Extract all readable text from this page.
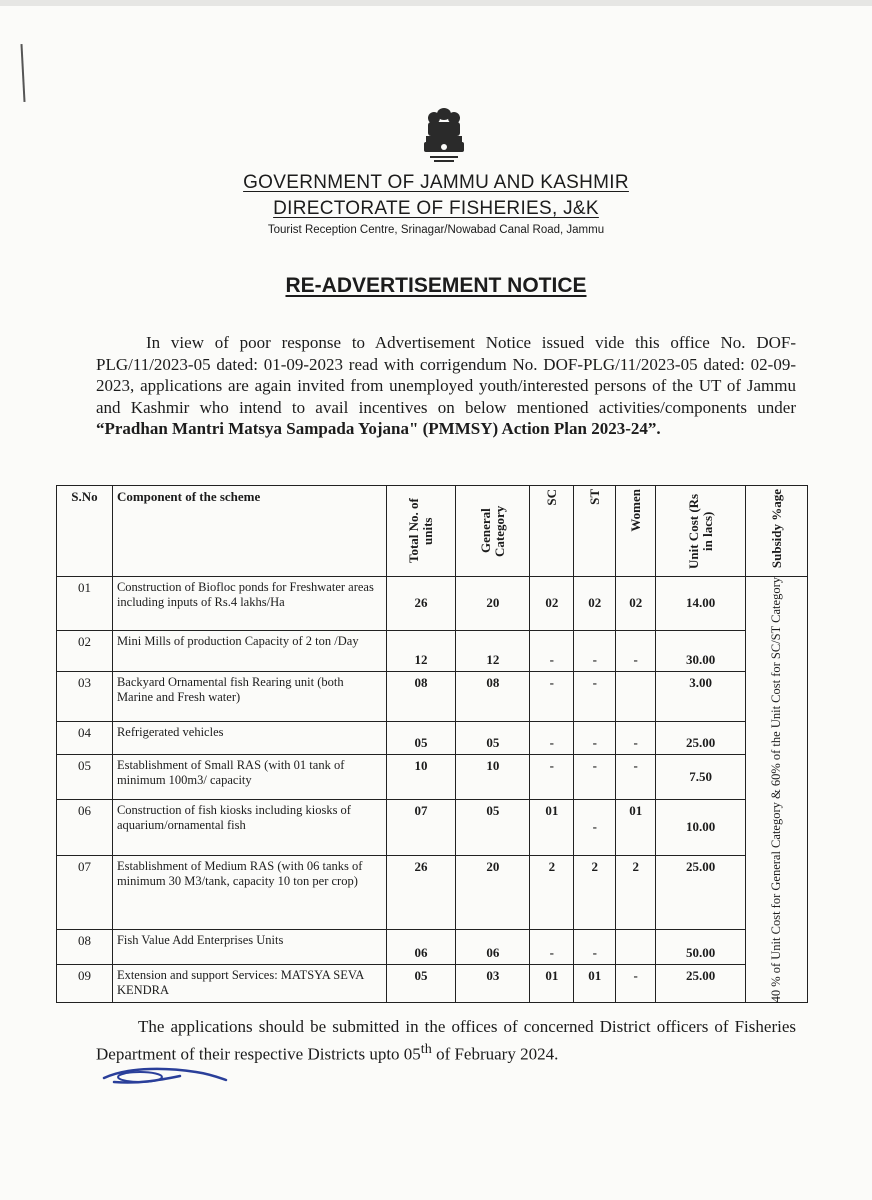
GOVERNMENT OF JAMMU AND KASHMIR
DIRECTORATE OF FISHERIES, J&K
Tourist Reception Centre, Srinagar/Nowabad Canal Road, Jammu
RE-ADVERTISEMENT NOTICE
In view of poor response to Advertisement Notice issued vide this office No. DOF-PLG/11/2023-05 dated: 01-09-2023 read with corrigendum No. DOF-PLG/11/2023-05 dated: 02-09-2023, applications are again invited from unemployed youth/interested persons of the UT of Jammu and Kashmir who intend to avail incentives on below mentioned activities/components under “Pradhan Mantri Matsya Sampada Yojana" (PMMSY) Action Plan 2023-24”.
S.No	Component of the scheme	Total No. of units	General Category	SC	ST	Women	Unit Cost (Rs in lacs)	Subsidy %age

01	Construction of Biofloc ponds for Freshwater areas including inputs of Rs.4 lakhs/Ha	26	20	02	02	02	14.00	40 % of Unit Cost for General Category & 60% of the Unit Cost for SC/ST Category

02	Mini Mills of production Capacity of 2 ton /Day	12	12	-	-	-	30.00	
03	Backyard Ornamental fish Rearing unit (both Marine and Fresh water)	08	08	-	-		3.00	
04	Refrigerated vehicles	05	05	-	-	-	25.00	
05	Establishment of Small RAS (with 01 tank of minimum 100m3/ capacity	10	10	-	-	-	7.50	
06	Construction of fish kiosks including kiosks of aquarium/ornamental fish	07	05	01	-	01	10.00	
07	Establishment of Medium RAS (with 06 tanks of minimum 30 M3/tank, capacity 10 ton per crop)	26	20	2	2	2	25.00	
08	Fish Value Add Enterprises Units	06	06	-	-		50.00	
09	Extension and support Services: MATSYA SEVA KENDRA	05	03	01	01	-	25.00	
The applications should be submitted in the offices of concerned District officers of Fisheries Department of their respective Districts upto 05th of February 2024.
